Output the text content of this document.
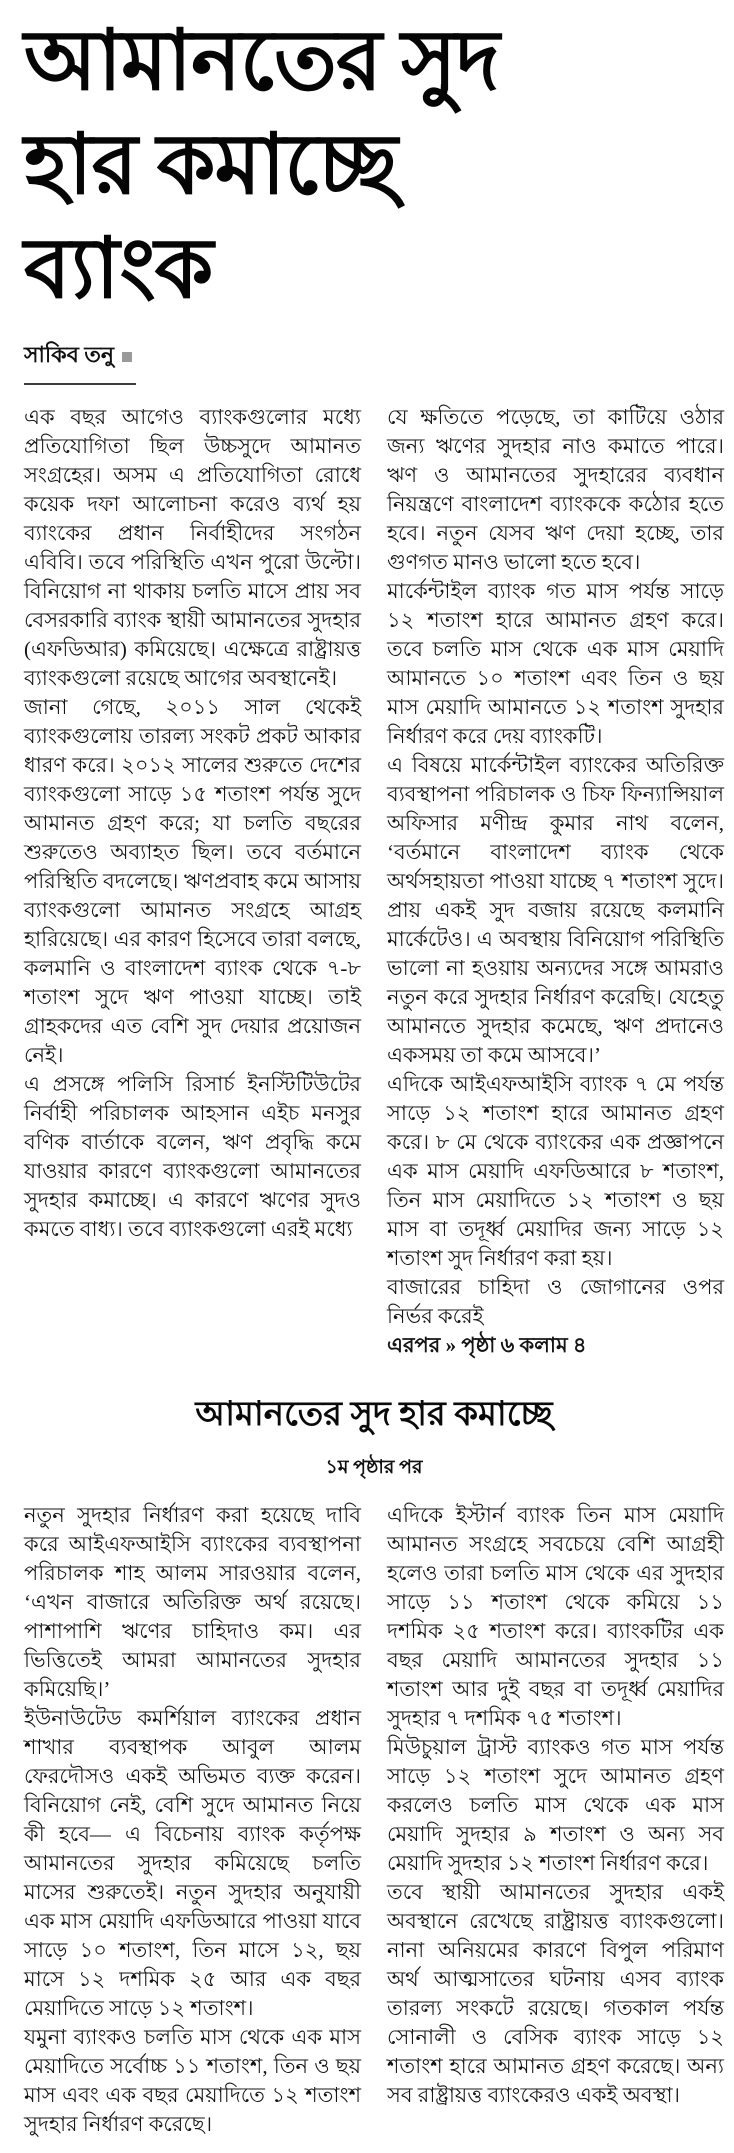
আমানতের সুদ
হার কমাচ্ছে
ব্যাংক
সাকিব তনু

এক বছর আগেও ব্যাংকগুলোর মধ্যে প্রতিযোগিতা ছিল উচ্চসুদে আমানত সংগ্রহের। অসম এ প্রতিযোগিতা রোধে কয়েক দফা আলোচনা করেও ব্যর্থ হয় ব্যাংকের প্রধান নির্বাহীদের সংগঠন এবিবি। তবে পরিস্থিতি এখন পুরো উল্টো। বিনিয়োগ না থাকায় চলতি মাসে প্রায় সব বেসরকারি ব্যাংক স্থায়ী আমানতের সুদহার (এফডিআর) কমিয়েছে। এক্ষেত্রে রাষ্ট্রায়ত্ত ব্যাংকগুলো রয়েছে আগের অবস্থানেই।

জানা গেছে, ২০১১ সাল থেকেই ব্যাংকগুলোয় তারল্য সংকট প্রকট আকার ধারণ করে। ২০১২ সালের শুরুতে দেশের ব্যাংকগুলো সাড়ে ১৫ শতাংশ পর্যন্ত সুদে আমানত গ্রহণ করে; যা চলতি বছরের শুরুতেও অব্যাহত ছিল। তবে বর্তমানে পরিস্থিতি বদলেছে। ঋণপ্রবাহ কমে আসায় ব্যাংকগুলো আমানত সংগ্রহে আগ্রহ হারিয়েছে। এর কারণ হিসেবে তারা বলছে, কলমানি ও বাংলাদেশ ব্যাংক থেকে ৭-৮ শতাংশ সুদে ঋণ পাওয়া যাচ্ছে। তাই গ্রাহকদের এত বেশি সুদ দেয়ার প্রয়োজন নেই।

এ প্রসঙ্গে পলিসি রিসার্চ ইনস্টিটিউটের নির্বাহী পরিচালক আহসান এইচ মনসুর বণিক বার্তাকে বলেন, ঋণ প্রবৃদ্ধি কমে যাওয়ার কারণে ব্যাংকগুলো আমানতের সুদহার কমাচ্ছে। এ কারণে ঋণের সুদও কমতে বাধ্য। তবে ব্যাংকগুলো এরই মধ্যে

যে ক্ষতিতে পড়েছে, তা কাটিয়ে ওঠার জন্য ঋণের সুদহার নাও কমাতে পারে। ঋণ ও আমানতের সুদহারের ব্যবধান নিয়ন্ত্রণে বাংলাদেশ ব্যাংককে কঠোর হতে হবে। নতুন যেসব ঋণ দেয়া হচ্ছে, তার গুণগত মানও ভালো হতে হবে।

মার্কেন্টাইল ব্যাংক গত মাস পর্যন্ত সাড়ে ১২ শতাংশ হারে আমানত গ্রহণ করে। তবে চলতি মাস থেকে এক মাস মেয়াদি আমানতে ১০ শতাংশ এবং তিন ও ছয় মাস মেয়াদি আমানতে ১২ শতাংশ সুদহার নির্ধারণ করে দেয় ব্যাংকটি।

এ বিষয়ে মার্কেন্টাইল ব্যাংকের অতিরিক্ত ব্যবস্থাপনা পরিচালক ও চিফ ফিন্যান্সিয়াল অফিসার মণীন্দ্র কুমার নাথ বলেন, ‘বর্তমানে বাংলাদেশ ব্যাংক থেকে অর্থসহায়তা পাওয়া যাচ্ছে ৭ শতাংশ সুদে। প্রায় একই সুদ বজায় রয়েছে কলমানি মার্কেটেও। এ অবস্থায় বিনিয়োগ পরিস্থিতি ভালো না হওয়ায় অন্যদের সঙ্গে আমরাও নতুন করে সুদহার নির্ধারণ করেছি। যেহেতু আমানতে সুদহার কমেছে, ঋণ প্রদানেও একসময় তা কমে আসবে।’

এদিকে আইএফআইসি ব্যাংক ৭ মে পর্যন্ত সাড়ে ১২ শতাংশ হারে আমানত গ্রহণ করে। ৮ মে থেকে ব্যাংকের এক প্রজ্ঞাপনে এক মাস মেয়াদি এফডিআরে ৮ শতাংশ, তিন মাস মেয়াদিতে ১২ শতাংশ ও ছয় মাস বা তদূর্ধ্ব মেয়াদির জন্য সাড়ে ১২ শতাংশ সুদ নির্ধারণ করা হয়।

বাজারের চাহিদা ও জোগানের ওপর নির্ভর করেই

এরপর » পৃষ্ঠা ৬ কলাম ৪

আমানতের সুদ হার কমাচ্ছে

১ম পৃষ্ঠার পর

নতুন সুদহার নির্ধারণ করা হয়েছে দাবি করে আইএফআইসি ব্যাংকের ব্যবস্থাপনা পরিচালক শাহ আলম সারওয়ার বলেন, ‘এখন বাজারে অতিরিক্ত অর্থ রয়েছে। পাশাপাশি ঋণের চাহিদাও কম। এর ভিত্তিতেই আমরা আমানতের সুদহার কমিয়েছি।’

ইউনাউটেড কমর্শিয়াল ব্যাংকের প্রধান শাখার ব্যবস্থাপক আবুল আলম ফেরদৌসও একই অভিমত ব্যক্ত করেন। বিনিয়োগ নেই, বেশি সুদে আমানত নিয়ে কী হবে— এ বিচেনায় ব্যাংক কর্তৃপক্ষ আমানতের সুদহার কমিয়েছে চলতি মাসের শুরুতেই। নতুন সুদহার অনুযায়ী এক মাস মেয়াদি এফডিআরে পাওয়া যাবে সাড়ে ১০ শতাংশ, তিন মাসে ১২, ছয় মাসে ১২ দশমিক ২৫ আর এক বছর মেয়াদিতে সাড়ে ১২ শতাংশ।

যমুনা ব্যাংকও চলতি মাস থেকে এক মাস মেয়াদিতে সর্বোচ্চ ১১ শতাংশ, তিন ও ছয় মাস এবং এক বছর মেয়াদিতে ১২ শতাংশ সুদহার নির্ধারণ করেছে।

এদিকে ইস্টার্ন ব্যাংক তিন মাস মেয়াদি আমানত সংগ্রহে সবচেয়ে বেশি আগ্রহী হলেও তারা চলতি মাস থেকে এর সুদহার সাড়ে ১১ শতাংশ থেকে কমিয়ে ১১ দশমিক ২৫ শতাংশ করে। ব্যাংকটির এক বছর মেয়াদি আমানতের সুদহার ১১ শতাংশ আর দুই বছর বা তদূর্ধ্ব মেয়াদির সুদহার ৭ দশমিক ৭৫ শতাংশ।

মিউচুয়াল ট্রাস্ট ব্যাংকও গত মাস পর্যন্ত সাড়ে ১২ শতাংশ সুদে আমানত গ্রহণ করলেও চলতি মাস থেকে এক মাস মেয়াদি সুদহার ৯ শতাংশ ও অন্য সব মেয়াদি সুদহার ১২ শতাংশ নির্ধারণ করে।

তবে স্থায়ী আমানতের সুদহার একই অবস্থানে রেখেছে রাষ্ট্রায়ত্ত ব্যাংকগুলো। নানা অনিয়মের কারণে বিপুল পরিমাণ অর্থ আত্মসাতের ঘটনায় এসব ব্যাংক তারল্য সংকটে রয়েছে। গতকাল পর্যন্ত সোনালী ও বেসিক ব্যাংক সাড়ে ১২ শতাংশ হারে আমানত গ্রহণ করেছে। অন্য সব রাষ্ট্রায়ত্ত ব্যাংকেরও একই অবস্থা।
